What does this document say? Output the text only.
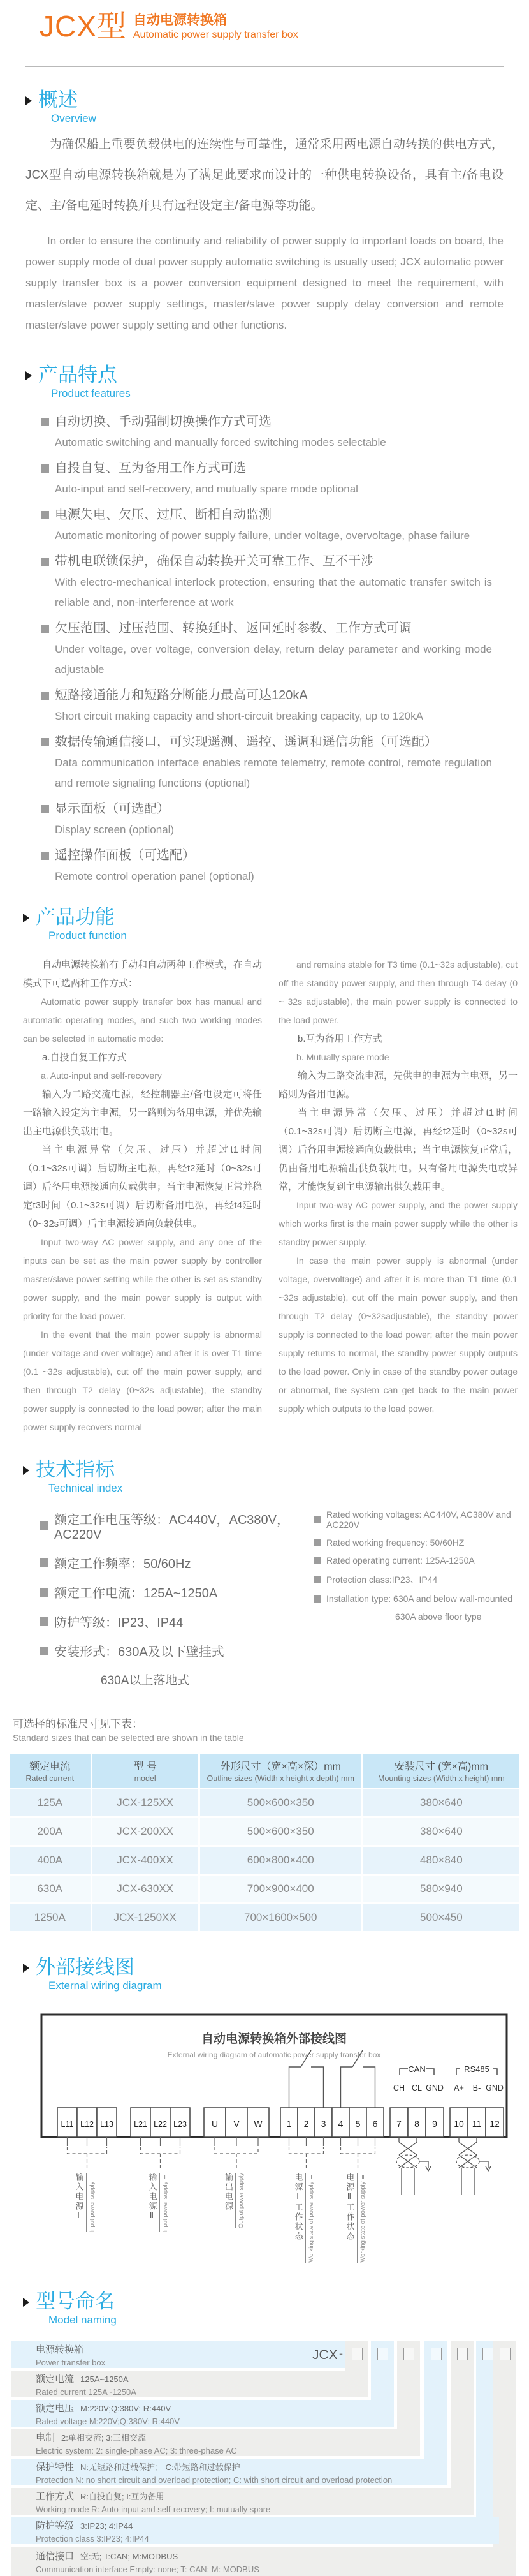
JCX型 自动电源转换箱
Automatic power supply transfer box
概述
Overview

为确保船上重要负载供电的连续性与可靠性，通常采用两电源自动转换的供电方式，JCX型自动电源转换箱就是为了满足此要求而设计的一种供电转换设备，具有主/备电设定、主/备电延时转换并具有远程设定主/备电源等功能。

In order to ensure the continuity and reliability of power supply to important loads on board, the power supply mode of dual power supply automatic switching is usually used; JCX automatic power supply transfer box is a power conversion equipment designed to meet the requirement, with master/slave power supply settings, master/slave power supply delay conversion and remote master/slave power supply setting and other functions.

产品特点
Product features
自动切换、手动强制切换操作方式可选
Automatic switching and manually forced switching modes selectable
自投自复、互为备用工作方式可选
Auto-input and self-recovery, and mutually spare mode optional
电源失电、欠压、过压、断相自动监测
Automatic monitoring of power supply failure, under voltage, overvoltage, phase failure
带机电联锁保护，确保自动转换开关可靠工作、互不干涉
With electro-mechanical interlock protection, ensuring that the automatic transfer switch is reliable and, non-interference at work
欠压范围、过压范围、转换延时、返回延时参数、工作方式可调
Under voltage, over voltage, conversion delay, return delay parameter and working mode adjustable
短路接通能力和短路分断能力最高可达120kA
Short circuit making capacity and short-circuit breaking capacity, up to 120kA
数据传输通信接口，可实现遥测、遥控、遥调和遥信功能（可选配）
Data communication interface enables remote telemetry, remote control, remote regulation and remote signaling functions (optional)
显示面板（可选配）
Display screen (optional)
遥控操作面板（可选配）
Remote control operation panel (optional)
产品功能
Product function

自动电源转换箱有手动和自动两种工作模式，在自动模式下可选两种工作方式：

Automatic power supply transfer box has manual and automatic operating modes, and such two working modes can be selected in automatic mode:

a.自投自复工作方式

a. Auto-input and self-recovery

输入为二路交流电源，经控制器主/备电设定可将任一路输入设定为主电源，另一路则为备用电源，并优先输出主电源供负载用电。

当主电源异常（欠压、过压）并超过t1时间（0.1~32s可调）后切断主电源，再经t2延时（0~32s可调）后备用电源接通向负载供电；当主电源恢复正常并稳定t3时间（0.1~32s可调）后切断备用电源，再经t4延时（0~32s可调）后主电源接通向负载供电。

Input two-way AC power supply, and any one of the inputs can be set as the main power supply by controller master/slave power setting while the other is set as standby power supply, and the main power supply is output with priority for the load power.

In the event that the main power supply is abnormal (under voltage and over voltage) and after it is over T1 time (0.1 ~32s adjustable), cut off the main power supply, and then through T2 delay (0~32s adjustable), the standby power supply is connected to the load power; after the main power supply recovers normal

and remains stable for T3 time (0.1~32s adjustable), cut off the standby power supply, and then through T4 delay (0 ~ 32s adjustable), the main power supply is connected to the load power.

b.互为备用工作方式

b. Mutually spare mode

输入为二路交流电源，先供电的电源为主电源，另一路则为备用电源。

当主电源异常（欠压、过压）并超过t1时间（0.1~32s可调）后切断主电源，再经t2延时（0~32s可调）后备用电源接通向负载供电；当主电源恢复正常后，仍由备用电源输出供负载用电。只有备用电源失电或异常，才能恢复到主电源输出供负载用电。

Input two-way AC power supply, and the power supply which works first is the main power supply while the other is standby power supply.

In case the main power supply is abnormal (under voltage, overvoltage) and after it is more than T1 time (0.1 ~32s adjustable), cut off the main power supply, and then through T2 delay (0~32sadjustable), the standby power supply is connected to the load power; after the main power supply returns to normal, the standby power supply outputs to the load power. Only in case of the standby power outage or abnormal, the system can get back to the main power supply which outputs to the load power.

技术指标
Technical index
额定工作电压等级：AC440V，AC380V，AC220V
额定工作频率：50/60Hz
额定工作电流：125A~1250A
防护等级：IP23、IP44
安装形式：630A及以下壁挂式
630A以上落地式
Rated working voltages: AC440V, AC380V and AC220V
Rated working frequency: 50/60HZ
Rated operating current: 125A-1250A
Protection class:IP23、IP44
Installation type: 630A and below wall-mounted
630A above floor type
可选择的标准尺寸见下表：
Standard sizes that can be selected are shown in the table
额定电流
Rated current	型 号
model	外形尺寸（宽×高×深）mm
Outline sizes (Width x height x depth) mm	安装尺寸 (宽×高)mm
Mounting sizes (Width x height) mm

125A	JCX-125XX	500×600×350	380×640
200A	JCX-200XX	500×600×350	380×640
400A	JCX-400XX	600×800×400	480×840
630A	JCX-630XX	700×900×400	580×940
1250A	JCX-1250XX	700×1600×500	500×450
外部接线图
External wiring diagram
自动电源转换箱外部接线图
External wiring diagram of automatic power supply transfer box
CAN	RS485
CH CL GND A+ B- GND
L11 L12 L13	L21 L22 L23	U V W	1 2 3 4 5 6 7 8 9 10 11 12
输入电源Ⅰ Input power supply Ⅰ	输入电源Ⅱ Input power supply Ⅱ	输出电源 Output power supply	电源Ⅰ工作状态 Working state of power supply Ⅰ	电源Ⅱ工作状态 Working state of power supply Ⅱ
型号命名
Model naming
电源转换箱
Power transfer box
额定电流 125A~1250A
Rated current 125A~1250A
额定电压 M:220V;Q:380V; R:440V
Rated voltage M:220V;Q:380V; R:440V
电制 2:单相交流; 3:三相交流
Electric system: 2: single-phase AC; 3: three-phase AC
保护特性 N:无短路和过载保护； C:带短路和过载保护
Protection N: no short circuit and overload protection; C: with short circuit and overload protection
工作方式 R:自投自复; I:互为备用
Working mode R: Auto-input and self-recovery; I: mutually spare
防护等级 3:IP23; 4:IP44
Protection class 3:IP23; 4:IP44
通信接口 空:无; T:CAN; M:MODBUS
Communication interface Empty: none; T: CAN; M: MODBUS
JCX -
